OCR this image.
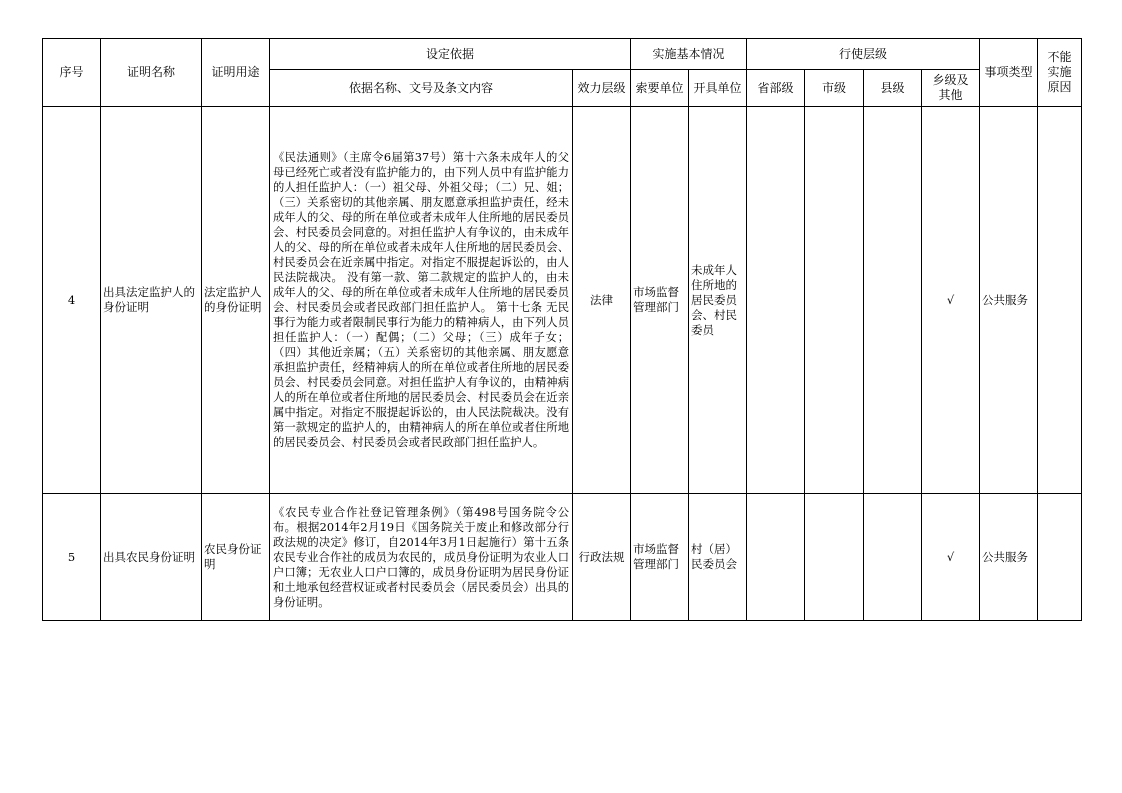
序号	证明名称	证明用途	设定依据		实施基本情况		行使层级				事项类型	不能实施原因
			依据名称、文号及条文内容	效力层级	索要单位	开具单位	省部级	市级	县级	乡级及其他		
4	出具法定监护人的身份证明	法定监护人的身份证明	《民法通则》（主席令6届第37号）第十六条未成年人的父母已经死亡或者没有监护能力的，由下列人员中有监护能力的人担任监护人：（一）祖父母、外祖父母；（二）兄、姐；（三）关系密切的其他亲属、朋友愿意承担监护责任，经未成年人的父、母的所在单位或者未成年人住所地的居民委员会、村民委员会同意的。对担任监护人有争议的，由未成年人的父、母的所在单位或者未成年人住所地的居民委员会、村民委员会在近亲属中指定。对指定不服提起诉讼的，由人民法院裁决。 没有第一款、第二款规定的监护人的，由未成年人的父、母的所在单位或者未成年人住所地的居民委员会、村民委员会或者民政部门担任监护人。 第十七条 无民事行为能力或者限制民事行为能力的精神病人，由下列人员担任监护人：（一）配偶；（二）父母；（三）成年子女；（四）其他近亲属；（五）关系密切的其他亲属、朋友愿意承担监护责任，经精神病人的所在单位或者住所地的居民委员会、村民委员会同意。对担任监护人有争议的，由精神病人的所在单位或者住所地的居民委员会、村民委员会在近亲属中指定。对指定不服提起诉讼的，由人民法院裁决。没有第一款规定的监护人的，由精神病人的所在单位或者住所地的居民委员会、村民委员会或者民政部门担任监护人。	法律	市场监督管理部门	未成年人住所地的居民委员会、村民委员				√	公共服务	
5	出具农民身份证明	农民身份证明	《农民专业合作社登记管理条例》（第498号国务院令公布。根据2014年2月19日《国务院关于废止和修改部分行政法规的决定》修订，自2014年3月1日起施行）第十五条 农民专业合作社的成员为农民的，成员身份证明为农业人口户口簿；无农业人口户口簿的，成员身份证明为居民身份证和土地承包经营权证或者村民委员会（居民委员会）出具的身份证明。	行政法规	市场监督管理部门	村（居）民委员会				√	公共服务	
